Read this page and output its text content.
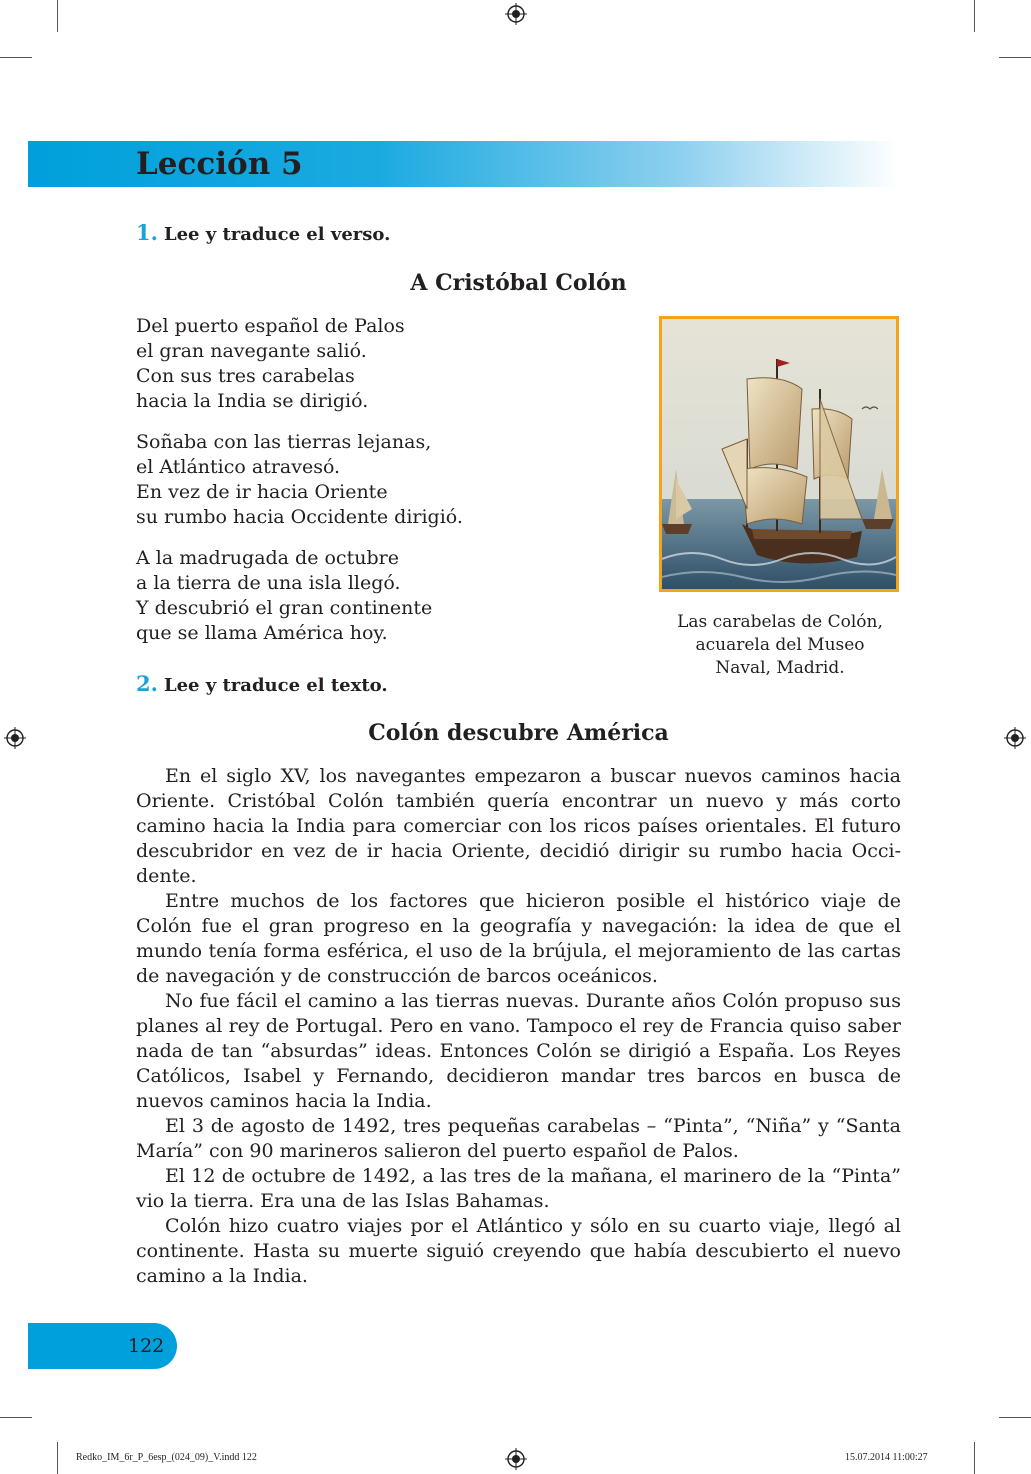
Lección 5
1. Lee y traduce el verso.
A Cristóbal Colón
Del puerto español de Palos
el gran navegante salió.
Con sus tres carabelas
hacia la India se dirigió.
Soñaba con las tierras lejanas,
el Atlántico atravesó.
En vez de ir hacia Oriente
su rumbo hacia Occidente dirigió.
A la madrugada de octubre
a la tierra de una isla llegó.
Y descubrió el gran continente
que se llama América hoy.	Las carabelas de Colón,
acuarela del Museo
Naval, Madrid.
2. Lee y traduce el texto.
Colón descubre América

En el siglo XV, los navegantes empezaron a buscar nuevos caminos hacia Oriente. Cristóbal Colón también quería encontrar un nuevo y más corto camino hacia la India para comerciar con los ricos países orientales. El futuro descubridor en vez de ir hacia Oriente, decidió dirigir su rumbo hacia Occidente.

Entre muchos de los factores que hicieron posible el histórico viaje de Colón fue el gran progreso en la geografía y navegación: la idea de que el mundo tenía forma esférica, el uso de la brújula, el mejoramiento de las cartas de navegación y de construcción de barcos oceánicos.

No fue fácil el camino a las tierras nuevas. Durante años Colón propuso sus planes al rey de Portugal. Pero en vano. Tampoco el rey de Francia quiso saber nada de tan “absurdas” ideas. Entonces Colón se dirigió a España. Los Reyes Católicos, Isabel y Fernando, decidieron mandar tres barcos en busca de nuevos caminos hacia la India.

El 3 de agosto de 1492, tres pequeñas carabelas – “Pinta”, “Niña” y “Santa María” con 90 marineros salieron del puerto español de Palos.

El 12 de octubre de 1492, a las tres de la mañana, el marinero de la “Pinta” vio la tierra. Era una de las Islas Bahamas.

Colón hizo cuatro viajes por el Atlántico y sólo en su cuarto viaje, llegó al continente. Hasta su muerte siguió creyendo que había descubierto el nuevo camino a la India.

122
Redko_IM_6r_P_6esp_(024_09)_V.indd 122	15.07.2014 11:00:27
